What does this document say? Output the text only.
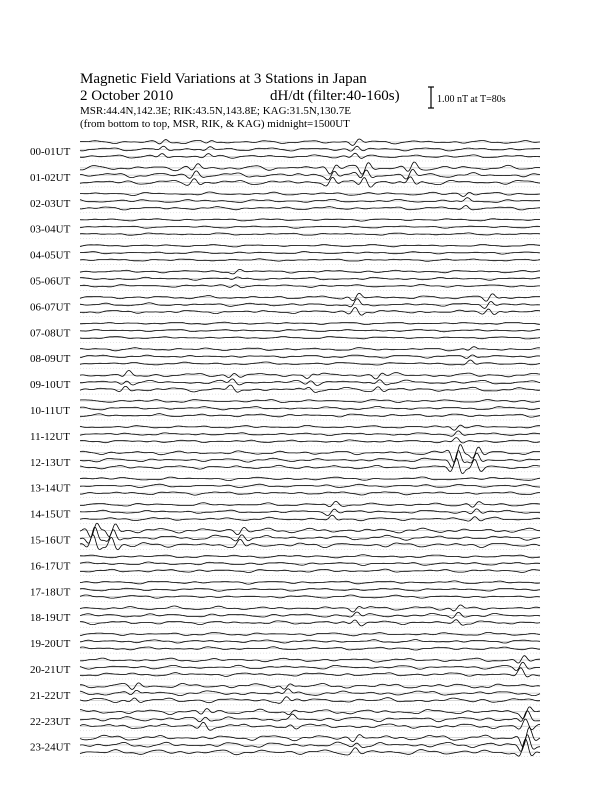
Magnetic Field Variations at 3 Stations in Japan
2 October 2010	dH/dt (filter:40-160s)
MSR:44.4N,142.3E; RIK:43.5N,143.8E; KAG:31.5N,130.7E
(from bottom to top, MSR, RIK, & KAG) midnight=1500UT
1.00 nT at T=80s
00-01UT
01-02UT
02-03UT
03-04UT
04-05UT
05-06UT
06-07UT
07-08UT
08-09UT
09-10UT
10-11UT
11-12UT
12-13UT
13-14UT
14-15UT
15-16UT
16-17UT
17-18UT
18-19UT
19-20UT
20-21UT
21-22UT
22-23UT
23-24UT
